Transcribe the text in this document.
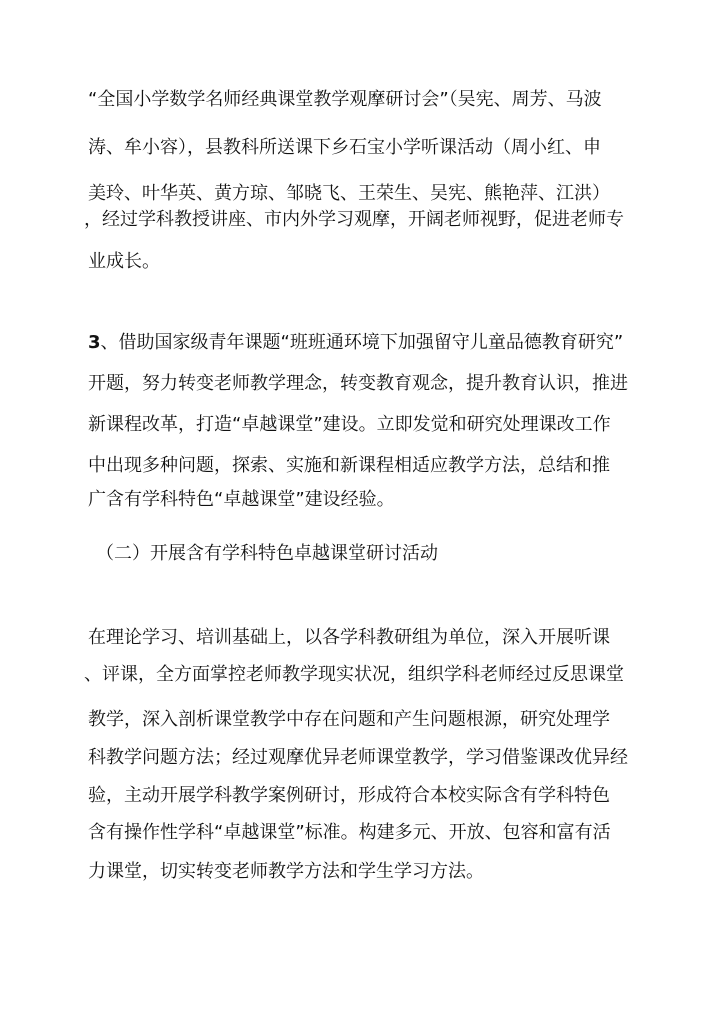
“全国小学数学名师经典课堂教学观摩研讨会”（吴宪、周芳、马波
涛、牟小容），县教科所送课下乡石宝小学听课活动（周小红、申
美玲、叶华英、黄方琼、邹晓飞、王荣生、吴宪、熊艳萍、江洪）
，经过学科教授讲座、市内外学习观摩，开阔老师视野，促进老师专
业成长。
3、借助国家级青年课题“班班通环境下加强留守儿童品德教育研究”
开题，努力转变老师教学理念，转变教育观念，提升教育认识，推进
新课程改革，打造“卓越课堂”建设。立即发觉和研究处理课改工作
中出现多种问题，探索、实施和新课程相适应教学方法，总结和推
广含有学科特色“卓越课堂”建设经验。
（二）开展含有学科特色卓越课堂研讨活动
在理论学习、培训基础上，以各学科教研组为单位，深入开展听课
、评课，全方面掌控老师教学现实状况，组织学科老师经过反思课堂
教学，深入剖析课堂教学中存在问题和产生问题根源，研究处理学
科教学问题方法；经过观摩优异老师课堂教学，学习借鉴课改优异经
验，主动开展学科教学案例研讨，形成符合本校实际含有学科特色
含有操作性学科“卓越课堂”标准。构建多元、开放、包容和富有活
力课堂，切实转变老师教学方法和学生学习方法。
